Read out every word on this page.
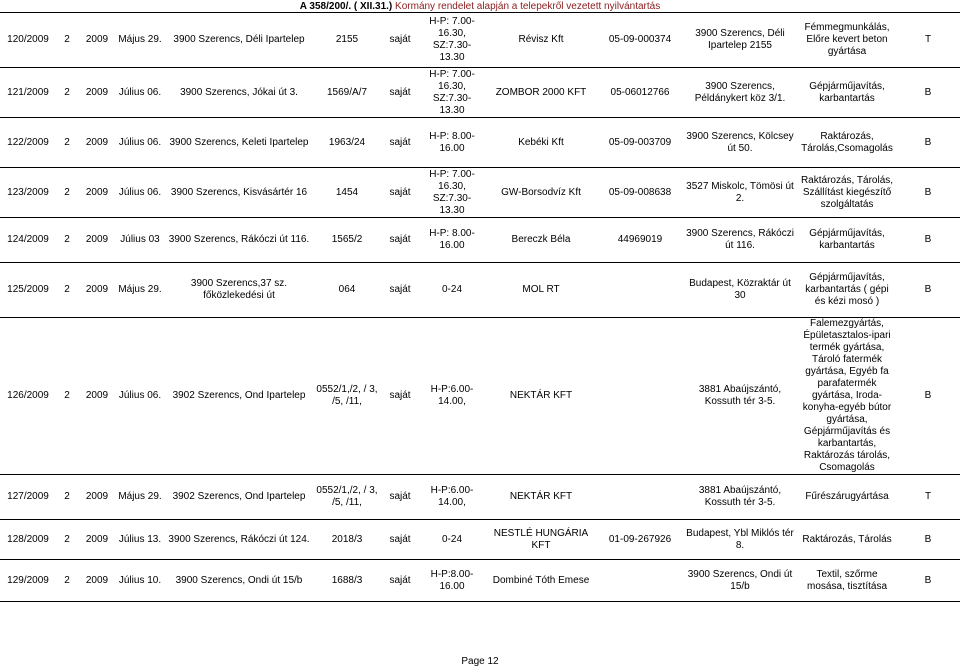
A 358/200/. ( XII.31.) Kormány rendelet alapján a telepekről vezetett nyilvántartás
120/2009	2	2009	Május 29.	3900 Szerencs, Déli Ipartelep	2155	saját	H-P: 7.00-16.30, SZ:7.30-13.30	Révisz Kft	05-09-000374	3900 Szerencs, Déli Ipartelep 2155	Fémmegmunkálás, Előre kevert beton gyártása	T
121/2009	2	2009	Július 06.	3900 Szerencs, Jókai út 3.	1569/A/7	saját	H-P: 7.00-16.30, SZ:7.30-13.30	ZOMBOR 2000 KFT	05-06012766	3900 Szerencs, Példánykert köz 3/1.	Gépjárműjavítás, karbantartás	B
122/2009	2	2009	Július 06.	3900 Szerencs, Keleti Ipartelep	1963/24	saját	H-P: 8.00-16.00	Kebéki Kft	05-09-003709	3900 Szerencs, Kölcsey út 50.	Raktározás, Tárolás,Csomagolás	B
123/2009	2	2009	Július 06.	3900 Szerencs, Kisvásártér 16	1454	saját	H-P: 7.00-16.30, SZ:7.30-13.30	GW-Borsodvíz Kft	05-09-008638	3527 Miskolc, Tömösi út 2.	Raktározás, Tárolás, Szállítást kiegészítő szolgáltatás	B
124/2009	2	2009	Július 03	3900 Szerencs, Rákóczi út 116.	1565/2	saját	H-P: 8.00-16.00	Bereczk Béla	44969019	3900 Szerencs, Rákóczi út 116.	Gépjárműjavítás, karbantartás	B
125/2009	2	2009	Május 29.	3900 Szerencs,37 sz. főközlekedési út	064	saját	0-24	MOL RT		Budapest, Közraktár út 30	Gépjárműjavítás, karbantartás ( gépi és kézi mosó )	B
126/2009	2	2009	Július 06.	3902 Szerencs, Ond Ipartelep	0552/1,/2, / 3, /5, /11,	saját	H-P:6.00-14.00,	NEKTÁR KFT		3881 Abaújszántó, Kossuth tér 3-5.	Falemezgyártás, Épületasztalos-ipari termék gyártása, Tároló fatermék gyártása, Egyéb fa parafatermék gyártása, Iroda-konyha-egyéb bútor gyártása, Gépjárműjavítás és karbantartás, Raktározás tárolás, Csomagolás	B
127/2009	2	2009	Május 29.	3902 Szerencs, Ond Ipartelep	0552/1,/2, / 3, /5, /11,	saját	H-P:6.00-14.00,	NEKTÁR KFT		3881 Abaújszántó, Kossuth tér 3-5.	Fűrészárugyártása	T
128/2009	2	2009	Július 13.	3900 Szerencs, Rákóczi út 124.	2018/3	saját	0-24	NESTLÉ HUNGÁRIA KFT	01-09-267926	Budapest, Ybl Miklós tér 8.	Raktározás, Tárolás	B
129/2009	2	2009	Július 10.	3900 Szerencs, Ondi út 15/b	1688/3	saját	H-P:8.00-16.00	Dombiné Tóth Emese		3900 Szerencs, Ondi út 15/b	Textil, szőrme mosása, tisztítása	B
Page 12
